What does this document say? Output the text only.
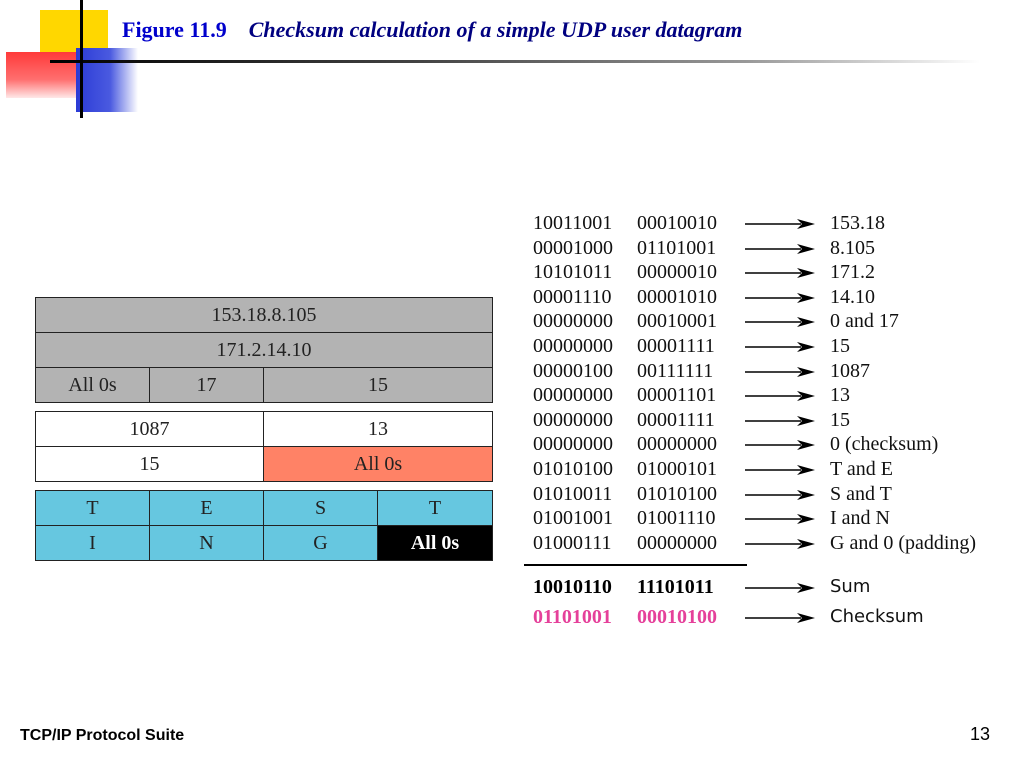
Figure 11.9 Checksum calculation of a simple UDP user datagram
153.18.8.105
171.2.14.10
All 0s	17	15
1087	13
15	All 0s
T	E	S	T
I	N	G	All 0s
10011001 00010010	153.18
00001000 01101001	8.105
10101011 00000010	171.2
00001110 00001010	14.10
00000000 00010001	0 and 17
00000000 00001111	15
00000100 00111111	1087
00000000 00001101	13
00000000 00001111	15
00000000 00000000	0 (checksum)
01010100 01000101	T and E
01010011 01010100	S and T
01001001 01001110	I and N
01000111 00000000	G and 0 (padding)
10010110 11101011	Sum
01101001 00010100	Checksum
TCP/IP Protocol Suite	13
